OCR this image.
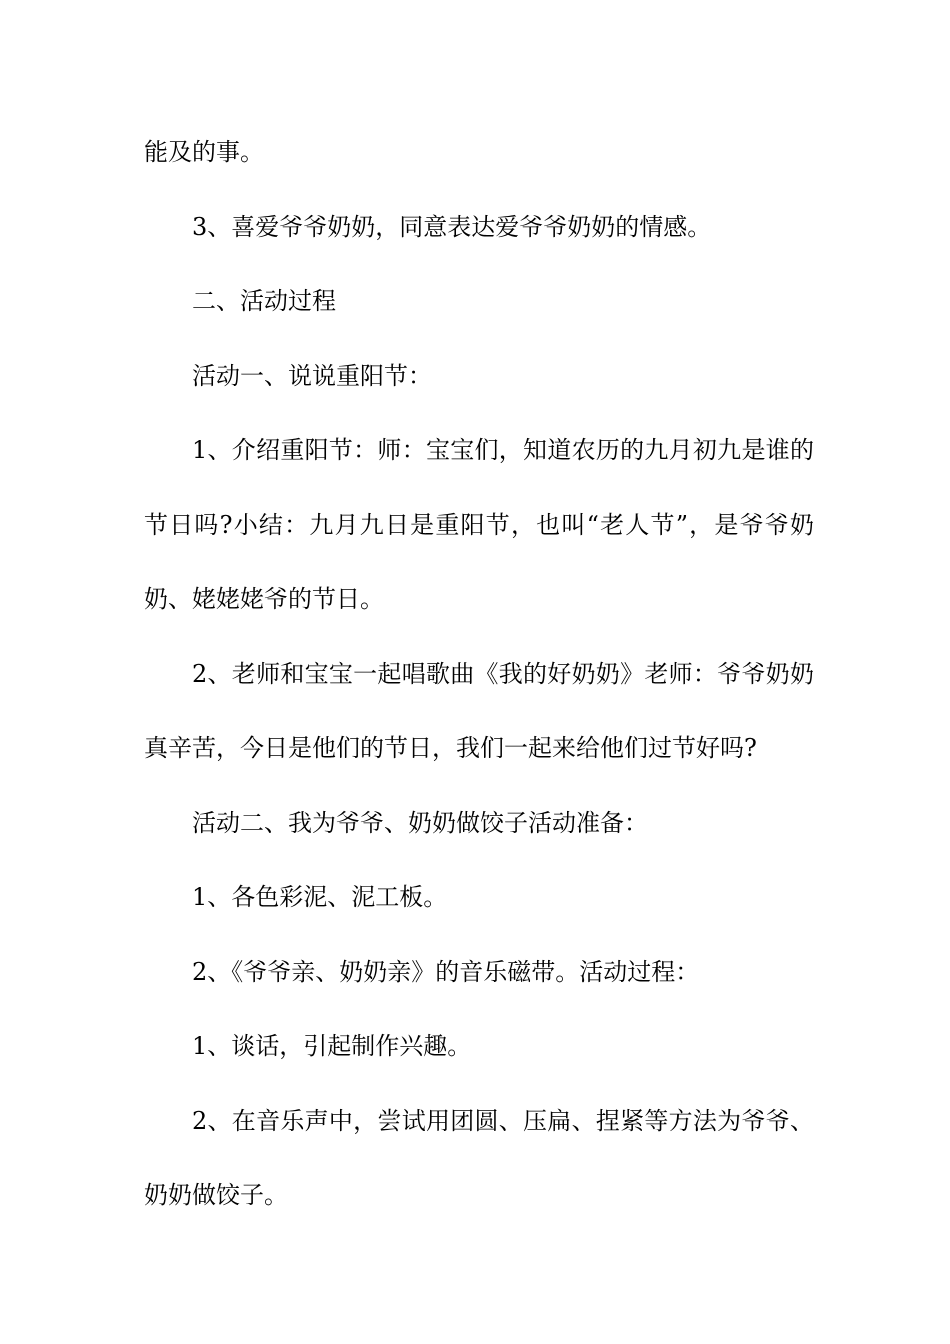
能及的事。
3、喜爱爷爷奶奶，同意表达爱爷爷奶奶的情感。
二、活动过程
活动一、说说重阳节：
1、介绍重阳节：师：宝宝们，知道农历的九月初九是谁的
节日吗?小结：九月九日是重阳节，也叫“老人节”，是爷爷奶
奶、姥姥姥爷的节日。
2、老师和宝宝一起唱歌曲《我的好奶奶》老师：爷爷奶奶
真辛苦，今日是他们的节日，我们一起来给他们过节好吗?
活动二、我为爷爷、奶奶做饺子活动准备：
1、各色彩泥、泥工板。
2、《爷爷亲、奶奶亲》的音乐磁带。活动过程：
1、谈话，引起制作兴趣。
2、在音乐声中，尝试用团圆、压扁、捏紧等方法为爷爷、
奶奶做饺子。
